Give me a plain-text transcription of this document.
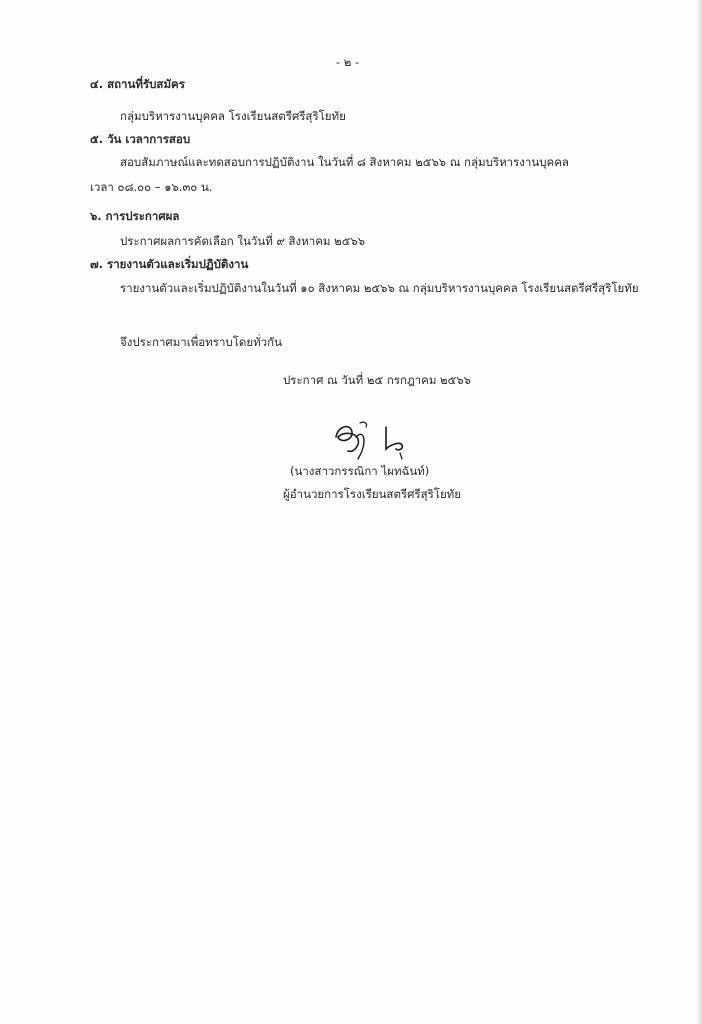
- ๒ -
๔. สถานที่รับสมัคร
กลุ่มบริหารงานบุคคล โรงเรียนสตรีศรีสุริโยทัย
๕. วัน เวลาการสอบ
สอบสัมภาษณ์และทดสอบการปฏิบัติงาน ในวันที่ ๘ สิงหาคม ๒๕๖๖ ณ กลุ่มบริหารงานบุคคล
เวลา ๐๘.๐๐ – ๑๖.๓๐ น.
๖. การประกาศผล
ประกาศผลการคัดเลือก ในวันที่ ๙ สิงหาคม ๒๕๖๖
๗. รายงานตัวและเริ่มปฏิบัติงาน
รายงานตัวและเริ่มปฏิบัติงานในวันที่ ๑๐ สิงหาคม ๒๕๖๖ ณ กลุ่มบริหารงานบุคคล โรงเรียนสตรีศรีสุริโยทัย
จึงประกาศมาเพื่อทราบโดยทั่วกัน
ประกาศ ณ วันที่ ๒๕ กรกฎาคม ๒๕๖๖
(นางสาวกรรณิกา ไผทฉันท์)
ผู้อำนวยการโรงเรียนสตรีศรีสุริโยทัย
